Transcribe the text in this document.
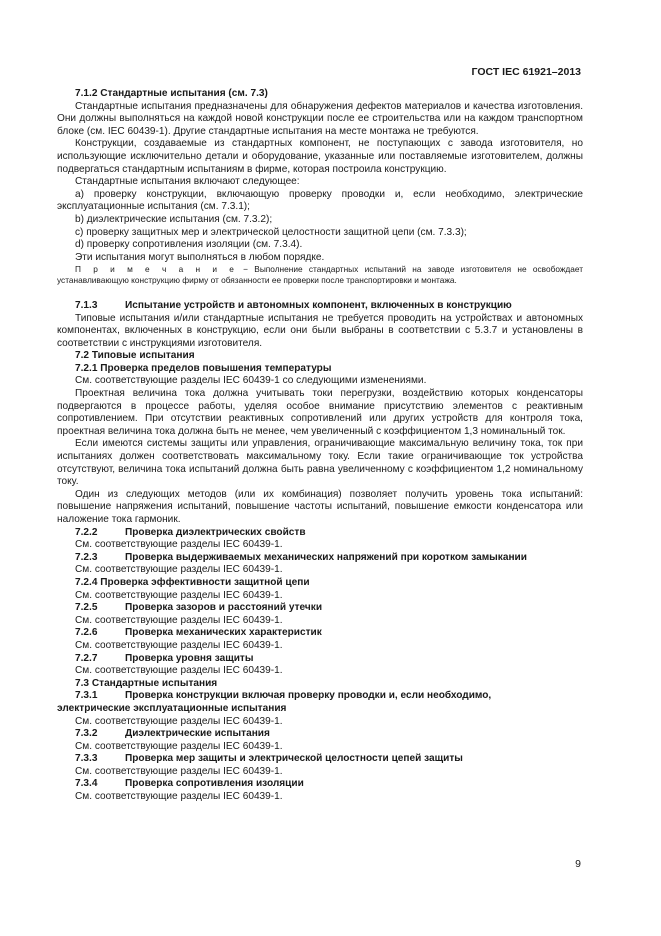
ГОСТ IEC 61921–2013

7.1.2 Стандартные испытания (см. 7.3)

Стандартные испытания предназначены для обнаружения дефектов материалов и качества изготовления. Они должны выполняться на каждой новой конструкции после ее строительства или на каждом транспортном блоке (см. IEC 60439-1). Другие стандартные испытания на месте монтажа не требуются.

Конструкции, создаваемые из стандартных компонент, не поступающих с завода изготовителя, но использующие исключительно детали и оборудование, указанные или поставляемые изготовителем, должны подвергаться стандартным испытаниям в фирме, которая построила конструкцию.

Стандартные испытания включают следующее:

a) проверку конструкции, включающую проверку проводки и, если необходимо, электрические эксплуатационные испытания (см. 7.3.1);

b) диэлектрические испытания (см. 7.3.2);

c) проверку защитных мер и электрической целостности защитной цепи (см. 7.3.3);

d) проверку сопротивления изоляции (см. 7.3.4).

Эти испытания могут выполняться в любом порядке.

П р и м е ч а н и е − Выполнение стандартных испытаний на заводе изготовителя не освобождает устанавливающую конструкцию фирму от обязанности ее проверки после транспортировки и монтажа.

7.1.3	Испытание устройств и автономных компонент, включенных в конструкцию

Типовые испытания и/или стандартные испытания не требуется проводить на устройствах и автономных компонентах, включенных в конструкцию, если они были выбраны в соответствии с 5.3.7 и установлены в соответствии с инструкциями изготовителя.

7.2 Типовые испытания

7.2.1 Проверка пределов повышения температуры

См. соответствующие разделы IEC 60439-1 со следующими изменениями.

Проектная величина тока должна учитывать токи перегрузки, воздействию которых конденсаторы подвергаются в процессе работы, уделяя особое внимание присутствию элементов с реактивным сопротивлением. При отсутствии реактивных сопротивлений или других устройств для контроля тока, проектная величина тока должна быть не менее, чем увеличенный с коэффициентом 1,3 номинальный ток.

Если имеются системы защиты или управления, ограничивающие максимальную величину тока, ток при испытаниях должен соответствовать максимальному току. Если такие ограничивающие ток устройства отсутствуют, величина тока испытаний должна быть равна увеличенному с коэффициентом 1,2 номинальному току.

Один из следующих методов (или их комбинация) позволяет получить уровень тока испытаний: повышение напряжения испытаний, повышение частоты испытаний, повышение емкости конденсатора или наложение тока гармоник.

7.2.2	Проверка диэлектрических свойств

См. соответствующие разделы IEC 60439-1.

7.2.3	Проверка выдерживаемых механических напряжений при коротком замыкании

См. соответствующие разделы IEC 60439-1.

7.2.4 Проверка эффективности защитной цепи

См. соответствующие разделы IEC 60439-1.

7.2.5	Проверка зазоров и расстояний утечки

См. соответствующие разделы IEC 60439-1.

7.2.6	Проверка механических характеристик

См. соответствующие разделы IEC 60439-1.

7.2.7	Проверка уровня защиты

См. соответствующие разделы IEC 60439-1.

7.3 Стандартные испытания

7.3.1	Проверка конструкции включая проверку проводки и, если необходимо,

электрические эксплуатационные испытания

См. соответствующие разделы IEC 60439-1.

7.3.2	Диэлектрические испытания

См. соответствующие разделы IEC 60439-1.

7.3.3	Проверка мер защиты и электрической целостности цепей защиты

См. соответствующие разделы IEC 60439-1.

7.3.4	Проверка сопротивления изоляции

См. соответствующие разделы IEC 60439-1.

9
